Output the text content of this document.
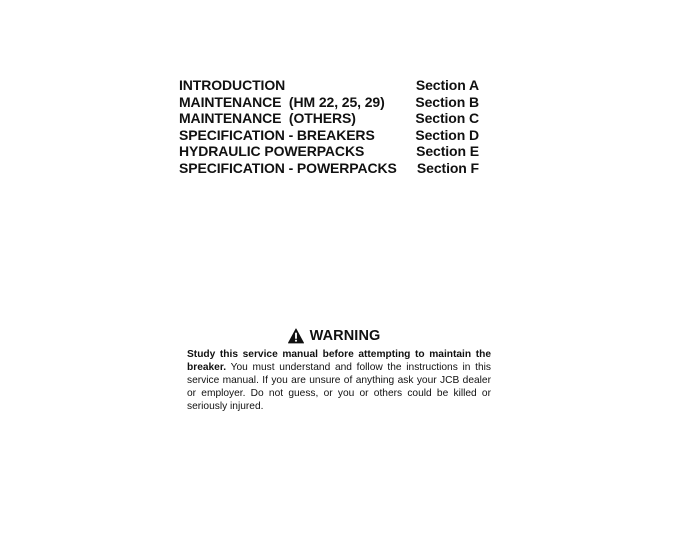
INTRODUCTION	Section A
MAINTENANCE  (HM 22, 25, 29) Section B
MAINTENANCE  (OTHERS)	Section C
SPECIFICATION - BREAKERS	Section D
HYDRAULIC POWERPACKS	Section E
SPECIFICATION - POWERPACKS Section F
WARNING
Study this service manual before attempting to maintain the breaker. You must understand and follow the instructions in this service manual. If you are unsure of anything ask your JCB dealer or employer. Do not guess, or you or others could be killed or seriously injured.
